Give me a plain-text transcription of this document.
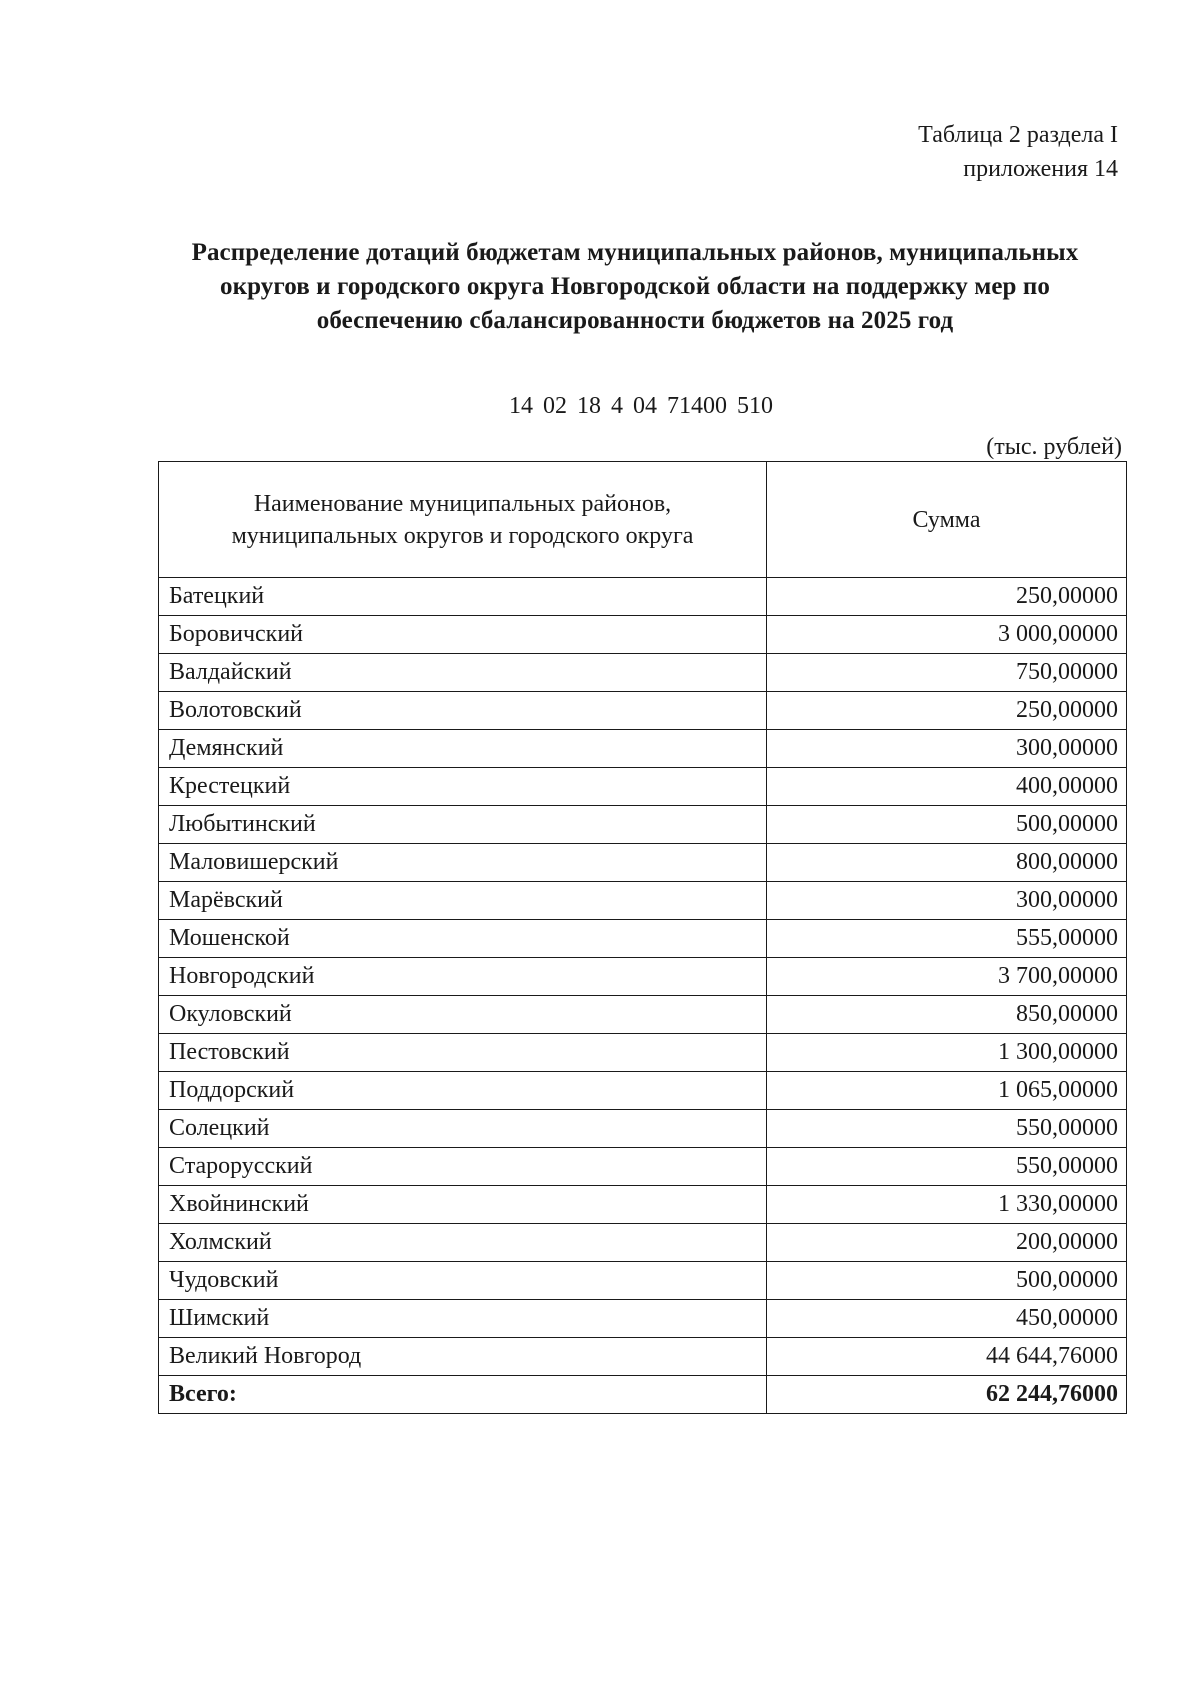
Таблица 2 раздела I
приложения 14
Распределение дотаций бюджетам муниципальных районов, муниципальных округов и городского округа Новгородской области на поддержку мер по обеспечению сбалансированности бюджетов на 2025 год
14 02 18 4 04 71400 510
(тыс. рублей)
Наименование муниципальных районов, муниципальных округов и городского округа	Сумма
Батецкий	250,00000
Боровичский	3 000,00000
Валдайский	750,00000
Волотовский	250,00000
Демянский	300,00000
Крестецкий	400,00000
Любытинский	500,00000
Маловишерский	800,00000
Марёвский	300,00000
Мошенской	555,00000
Новгородский	3 700,00000
Окуловский	850,00000
Пестовский	1 300,00000
Поддорский	1 065,00000
Солецкий	550,00000
Старорусский	550,00000
Хвойнинский	1 330,00000
Холмский	200,00000
Чудовский	500,00000
Шимский	450,00000
Великий Новгород	44 644,76000
Всего:	62 244,76000
